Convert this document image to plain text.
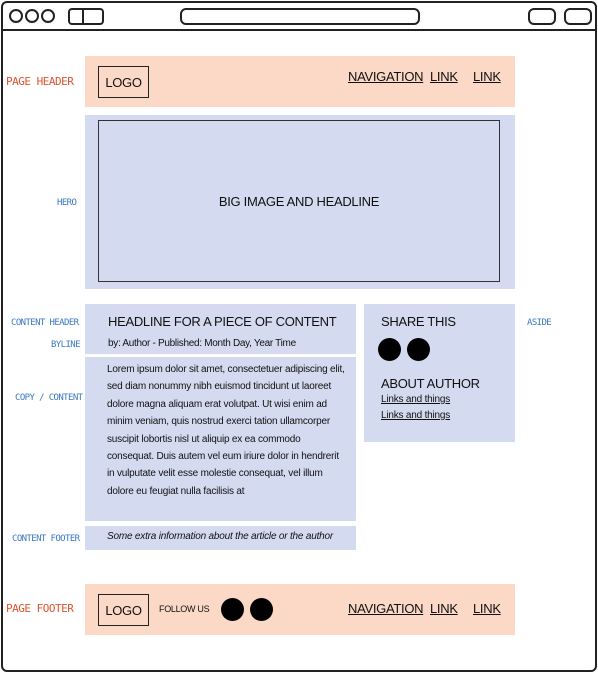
PAGE HEADER
HERO
CONTENT HEADER
BYLINE
COPY / CONTENT
CONTENT FOOTER
ASIDE
PAGE FOOTER
LOGO	NAVIGATION LINK LINK
BIG IMAGE AND HEADLINE
HEADLINE FOR A PIECE OF CONTENT
by: Author - Published: Month Day, Year Time

Lorem ipsum dolor sit amet, consectetuer adipiscing elit, sed diam nonummy nibh euismod tincidunt ut laoreet dolore magna aliquam erat volutpat. Ut wisi enim ad minim veniam, quis nostrud exerci tation ullamcorper suscipit lobortis nisl ut aliquip ex ea commodo consequat. Duis autem vel eum iriure dolor in hendrerit in vulputate velit esse molestie consequat, vel illum dolore eu feugiat nulla facilisis at

Some extra information about the article or the author
SHARE THIS
ABOUT AUTHOR
Links and things
Links and things
LOGO	FOLLOW US	NAVIGATION LINK LINK
